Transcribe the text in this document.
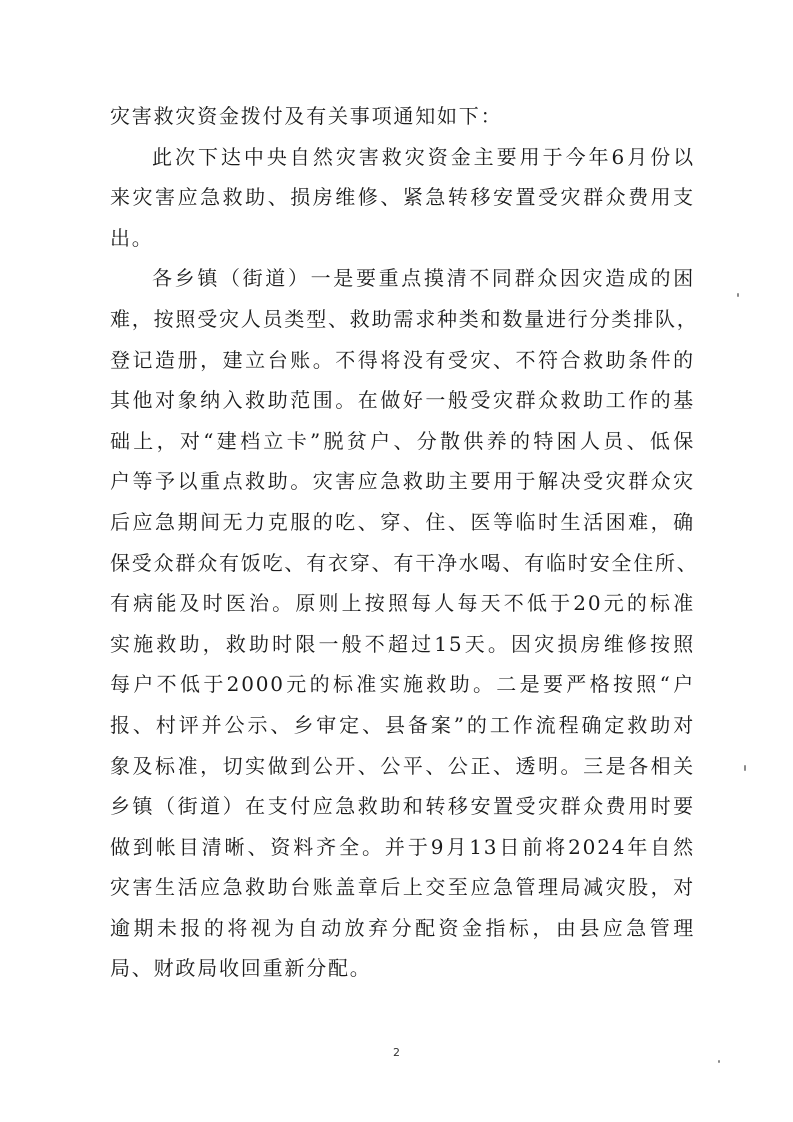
灾害救灾资金拨付及有关事项通知如下：
此次下达中央自然灾害救灾资金主要用于今年6月份以
来灾害应急救助、损房维修、紧急转移安置受灾群众费用支
出。
各乡镇（街道）一是要重点摸清不同群众因灾造成的困
难，按照受灾人员类型、救助需求种类和数量进行分类排队，
登记造册，建立台账。不得将没有受灾、不符合救助条件的
其他对象纳入救助范围。在做好一般受灾群众救助工作的基
础上，对“建档立卡”脱贫户、分散供养的特困人员、低保
户等予以重点救助。灾害应急救助主要用于解决受灾群众灾
后应急期间无力克服的吃、穿、住、医等临时生活困难，确
保受众群众有饭吃、有衣穿、有干净水喝、有临时安全住所、
有病能及时医治。原则上按照每人每天不低于20元的标准
实施救助，救助时限一般不超过15天。因灾损房维修按照
每户不低于2000元的标准实施救助。二是要严格按照“户
报、村评并公示、乡审定、县备案”的工作流程确定救助对
象及标准，切实做到公开、公平、公正、透明。三是各相关
乡镇（街道）在支付应急救助和转移安置受灾群众费用时要
做到帐目清晰、资料齐全。并于9月13日前将2024年自然
灾害生活应急救助台账盖章后上交至应急管理局减灾股，对
逾期未报的将视为自动放弃分配资金指标，由县应急管理
局、财政局收回重新分配。
2
